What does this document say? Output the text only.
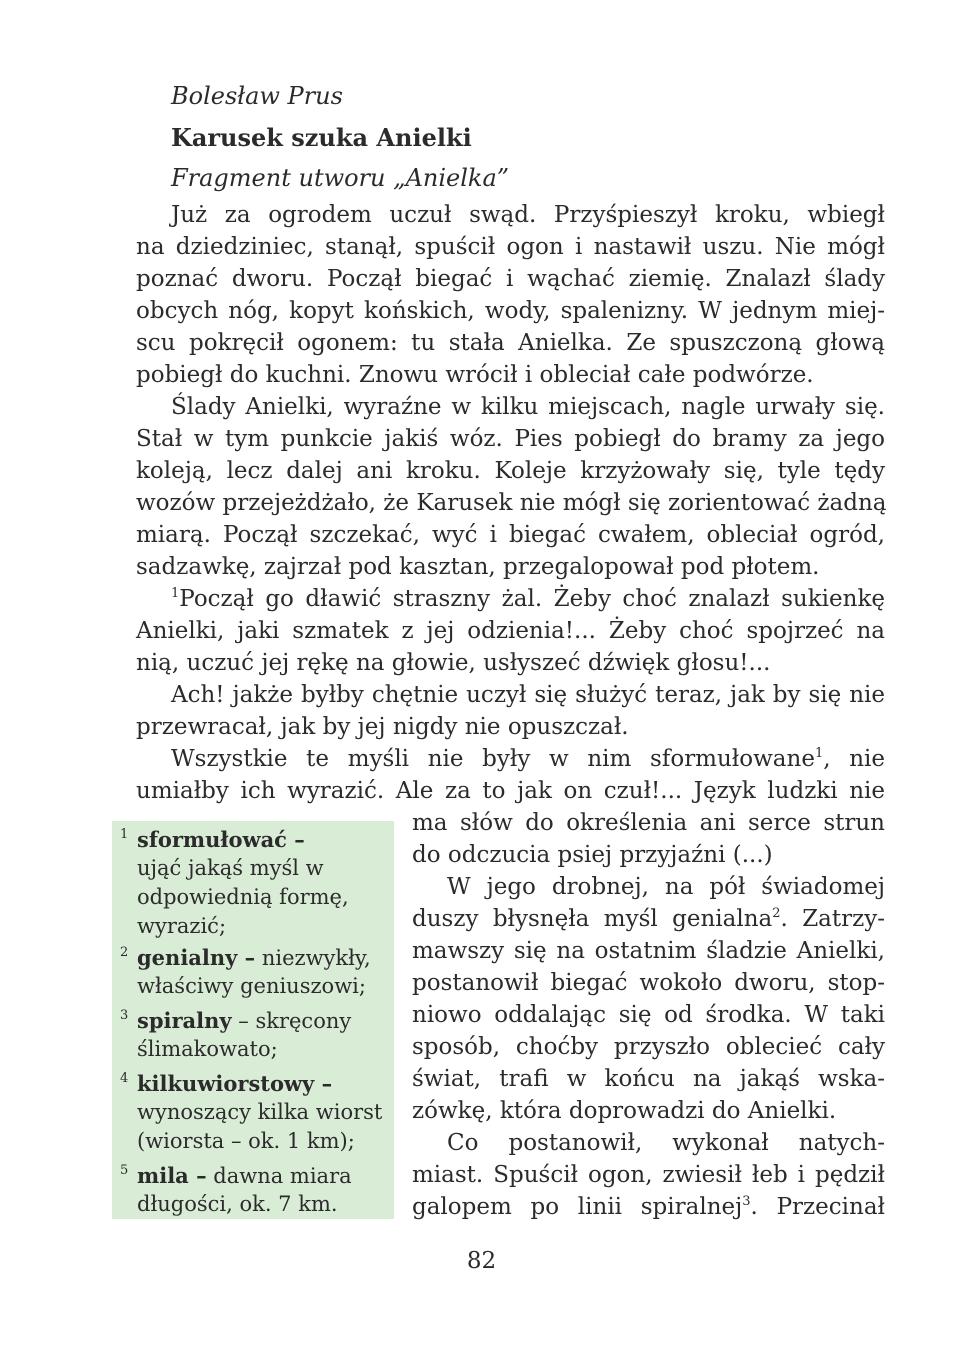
Bolesław Prus
Karusek szuka Anielki
Fragment utworu „Anielka”
Już za ogrodem uczuł swąd. Przyśpieszył kroku, wbiegł
na dziedziniec, stanął, spuścił ogon i nastawił uszu. Nie mógł
poznać dworu. Począł biegać i wąchać ziemię. Znalazł ślady
obcych nóg, kopyt końskich, wody, spalenizny. W jednym miej-
scu pokręcił ogonem: tu stała Anielka. Ze spuszczoną głową
pobiegł do kuchni. Znowu wrócił i obleciał całe podwórze.
Ślady Anielki, wyraźne w kilku miejscach, nagle urwały się.
Stał w tym punkcie jakiś wóz. Pies pobiegł do bramy za jego
koleją, lecz dalej ani kroku. Koleje krzyżowały się, tyle tędy
wozów przejeżdżało, że Karusek nie mógł się zorientować żadną
miarą. Począł szczekać, wyć i biegać cwałem, obleciał ogród,
sadzawkę, zajrzał pod kasztan, przegalopował pod płotem.
$^1$Począł go dławić straszny żal. Żeby choć znalazł sukienkę
Anielki, jaki szmatek z jej odzienia!... Żeby choć spojrzeć na
nią, uczuć jej rękę na głowie, usłyszeć dźwięk głosu!...
Ach! jakże byłby chętnie uczył się służyć teraz, jak by się nie
przewracał, jak by jej nigdy nie opuszczał.
Wszystkie te myśli nie były w nim sformułowane$^1$, nie
umiałby ich wyrazić. Ale za to jak on czuł!... Język ludzki nie
ma słów do określenia ani serce strun
do odczucia psiej przyjaźni (...)
W jego drobnej, na pół świadomej
duszy błysnęła myśl genialna$^2$. Zatrzy-
mawszy się na ostatnim śladzie Anielki,
postanowił biegać wokoło dworu, stop-
niowo oddalając się od środka. W taki
sposób, choćby przyszło oblecieć cały
świat, trafi w końcu na jakąś wska-
zówkę, która doprowadzi do Anielki.
Co postanowił, wykonał natych-
miast. Spuścił ogon, zwiesił łeb i pędził
galopem po linii spiralnej$^3$. Przecinał
1 sformułować –
ująć jakąś myśl w
odpowiednią formę,
wyrazić;
2 genialny – niezwykły,
właściwy geniuszowi;
3 spiralny – skręcony
ślimakowato;
4 kilkuwiorstowy –
wynoszący kilka wiorst
(wiorsta – ok. 1 km);
5 mila – dawna miara
długości, ok. 7 km.
82
